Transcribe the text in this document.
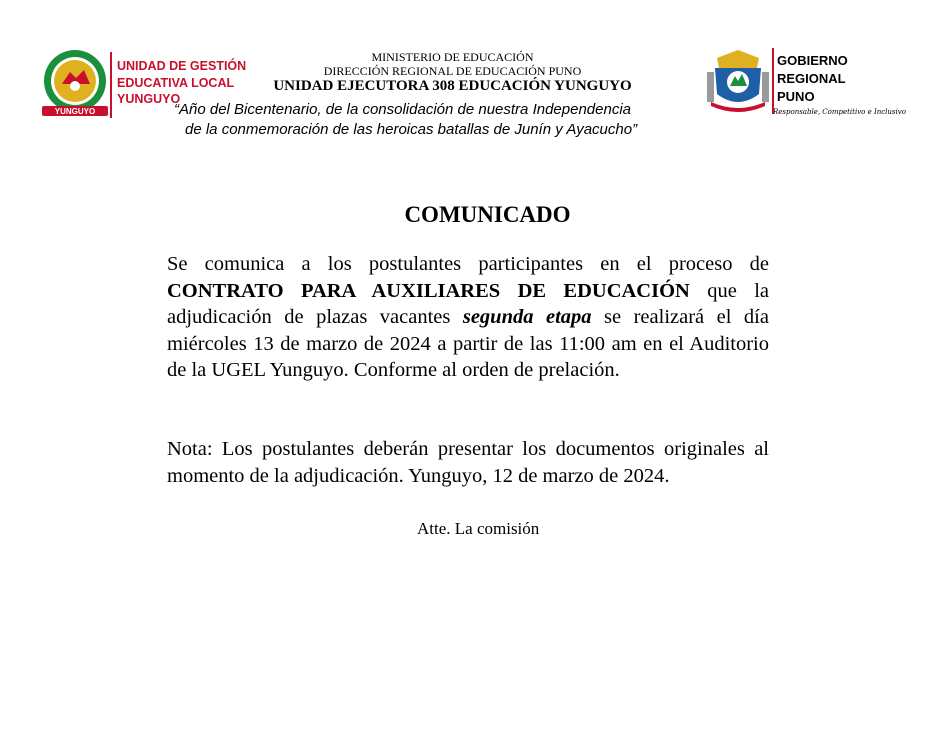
YUNGUYO
UNIDAD DE GESTIÓN
EDUCATIVA LOCAL
YUNGUYO
MINISTERIO DE EDUCACIÓN
DIRECCIÓN REGIONAL DE EDUCACIÓN PUNO
UNIDAD EJECUTORA 308 EDUCACIÓN YUNGUYO
“Año del Bicentenario, de la consolidación de nuestra Independencia
de la conmemoración de las heroicas batallas de Junín y Ayacucho”
GOBIERNO
REGIONAL
PUNO
Responsable, Competitivo e Inclusivo
COMUNICADO
Se comunica a los postulantes participantes en el proceso de CONTRATO PARA AUXILIARES DE EDUCACIÓN que la adjudicación de plazas vacantes segunda etapa se realizará el día miércoles 13 de marzo de 2024 a partir de las 11:00 am en el Auditorio de la UGEL Yunguyo. Conforme al orden de prelación.
Nota: Los postulantes deberán presentar los documentos originales al momento de la adjudicación. Yunguyo, 12 de marzo de 2024.
Atte. La comisión
